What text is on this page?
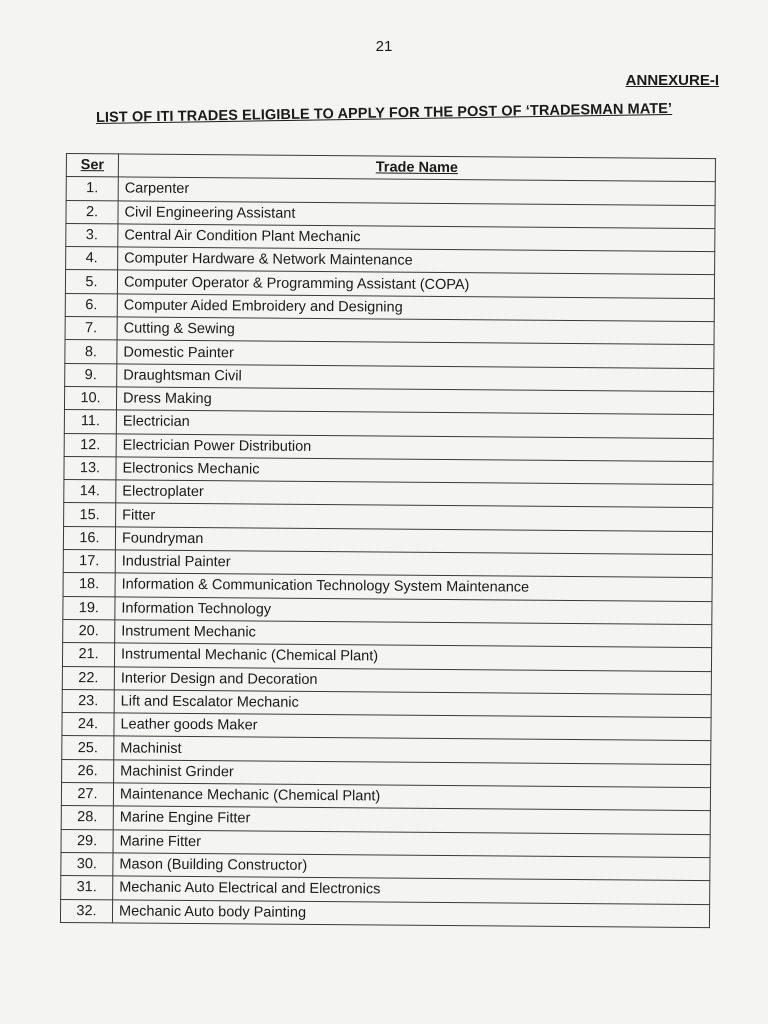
21
ANNEXURE-I
LIST OF ITI TRADES ELIGIBLE TO APPLY FOR THE POST OF ‘TRADESMAN MATE’
Ser	Trade Name
1.	Carpenter
2.	Civil Engineering Assistant
3.	Central Air Condition Plant Mechanic
4.	Computer Hardware & Network Maintenance
5.	Computer Operator & Programming Assistant (COPA)
6.	Computer Aided Embroidery and Designing
7.	Cutting & Sewing
8.	Domestic Painter
9.	Draughtsman Civil
10.	Dress Making
11.	Electrician
12.	Electrician Power Distribution
13.	Electronics Mechanic
14.	Electroplater
15.	Fitter
16.	Foundryman
17.	Industrial Painter
18.	Information & Communication Technology System Maintenance
19.	Information Technology
20.	Instrument Mechanic
21.	Instrumental Mechanic (Chemical Plant)
22.	Interior Design and Decoration
23.	Lift and Escalator Mechanic
24.	Leather goods Maker
25.	Machinist
26.	Machinist Grinder
27.	Maintenance Mechanic (Chemical Plant)
28.	Marine Engine Fitter
29.	Marine Fitter
30.	Mason (Building Constructor)
31.	Mechanic Auto Electrical and Electronics
32.	Mechanic Auto body Painting
